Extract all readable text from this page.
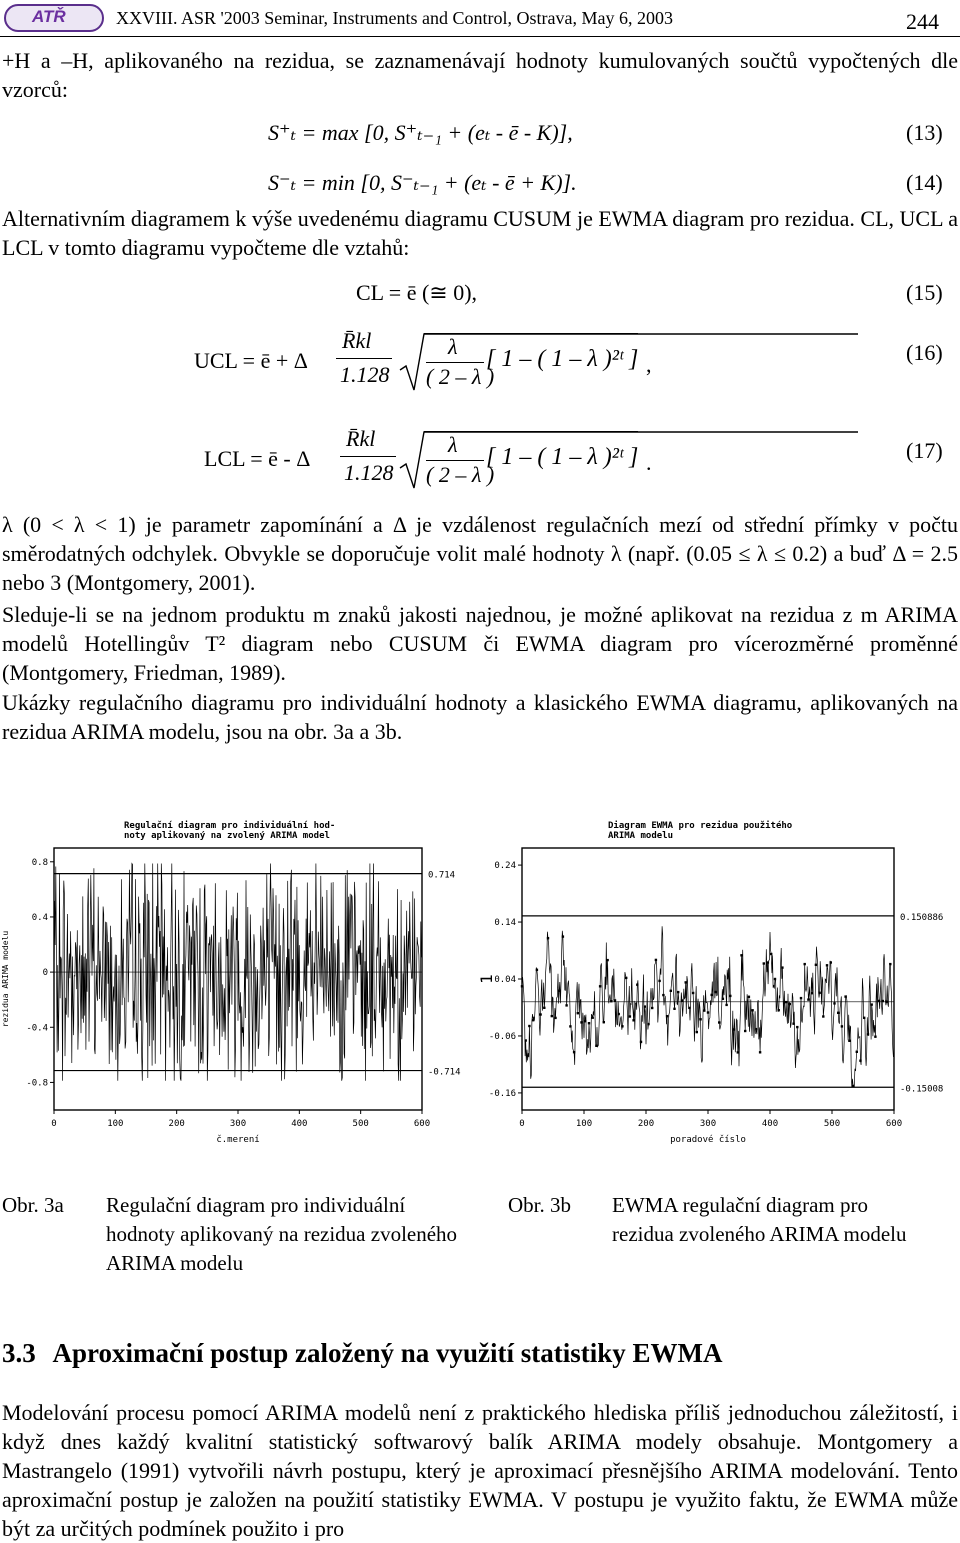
ATŘ	XXVIII. ASR '2003 Seminar, Instruments and Control, Ostrava, May 6, 2003	244
+H a –H, aplikovaného na rezidua, se zaznamenávají hodnoty kumulovaných součtů vypočtených dle vzorců:
S⁺ₜ = max [0, S⁺ₜ₋₁ + (eₜ - ē - K)],	(13)
S⁻ₜ = min [0, S⁻ₜ₋₁ + (eₜ - ē + K)].	(14)
Alternativním diagramem k výše uvedenému diagramu CUSUM je EWMA diagram pro rezidua. CL, UCL a LCL v tomto diagramu vypočteme dle vztahů:
CL = ē (≅ 0),	(15)
UCL = ē + Δ
R̄kl
1.128
λ
( 2 – λ )
[ 1 – ( 1 – λ )²ᵗ ] ,	(16)
LCL = ē - Δ
R̄kl
1.128
λ
( 2 – λ )
[ 1 – ( 1 – λ )²ᵗ ] .	(17)
λ (0 < λ < 1) je parametr zapomínání a Δ je vzdálenost regulačních mezí od střední přímky v počtu směrodatných odchylek. Obvykle se doporučuje volit malé hodnoty λ (např. (0.05 ≤ λ ≤ 0.2) a buď Δ = 2.5 nebo 3 (Montgomery, 2001).
Sleduje-li se na jednom produktu m znaků jakosti najednou, je možné aplikovat na rezidua z m ARIMA modelů Hotellingův T² diagram nebo CUSUM či EWMA diagram pro vícerozměrné proměnné (Montgomery, Friedman, 1989).
Ukázky regulačního diagramu pro individuální hodnoty a klasického EWMA diagramu, aplikovaných na rezidua ARIMA modelu, jsou na obr. 3a a 3b.
Regulační diagram pro individuální hod-
noty aplikovaný na zvolený ARIMA model
0.8
0.4
0
-0.4
-0.8
0	100	200	300	400	500	600
č.merení
rezidua ARIMA modelu
0.714
-0.714
Diagram EWMA pro rezidua použitého
ARIMA modelu
0.24
0.14
0.04
-0.06
-0.16
0	100	200	300	400	500	600
poradové číslo
1
0.150886
-0.15008
Obr. 3a Regulační diagram pro individuální hodnoty aplikovaný na rezidua zvoleného ARIMA modelu
Obr. 3b EWMA regulační diagram pro rezidua zvoleného ARIMA modelu
3.3 Aproximační postup založený na využití statistiky EWMA
Modelování procesu pomocí ARIMA modelů není z praktického hlediska příliš jednoduchou záležitostí, i když dnes každý kvalitní statistický softwarový balík ARIMA modely obsahuje. Montgomery a Mastrangelo (1991) vytvořili návrh postupu, který je aproximací přesnějšího ARIMA modelování. Tento aproximační postup je založen na použití statistiky EWMA. V postupu je využito faktu, že EWMA může být za určitých podmínek použito i pro
